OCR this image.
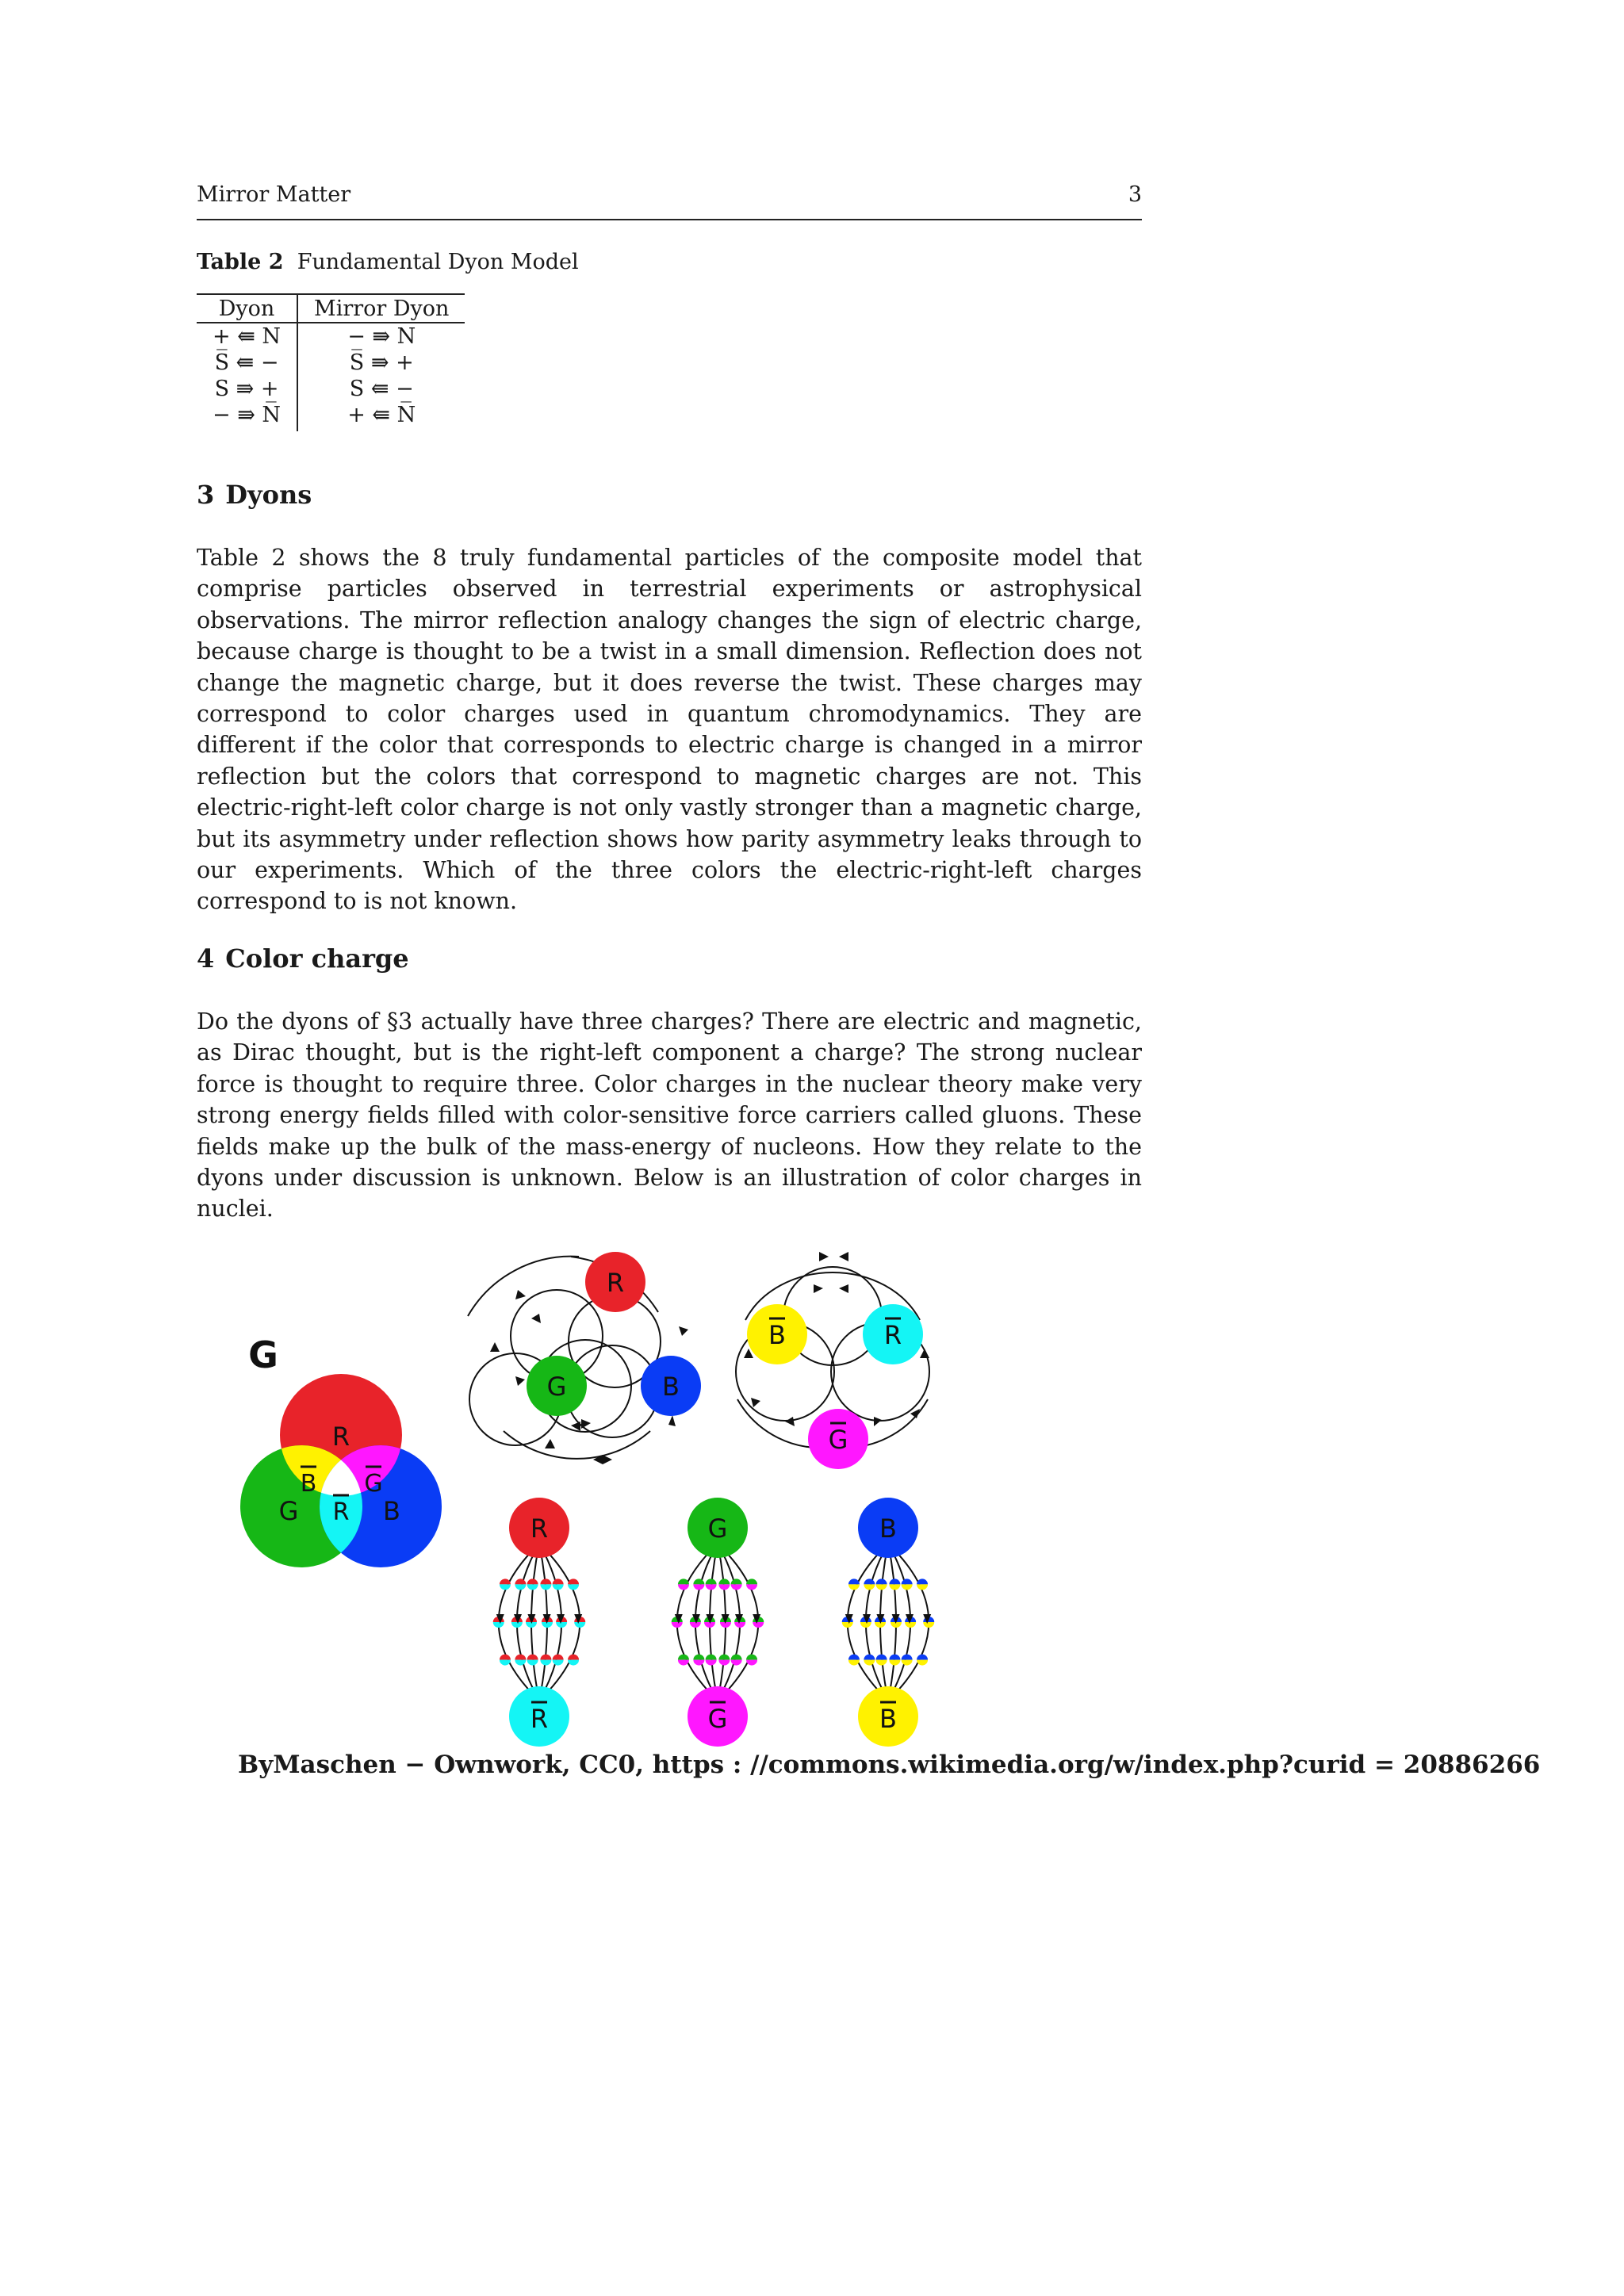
Mirror Matter	3
Table 2 Fundamental Dyon Model
Dyon	Mirror Dyon
+ ⇚ N	− ⇛ N
S̅ ⇚ −	S̅ ⇛ +
S ⇛ +	S ⇚ −
− ⇛ N̅	+ ⇚ N̅
3 Dyons

Table 2 shows the 8 truly fundamental particles of the composite model that comprise particles observed in terrestrial experiments or astrophysical observations. The mirror reflection analogy changes the sign of electric charge, because charge is thought to be a twist in a small dimension. Reflection does not change the magnetic charge, but it does reverse the twist. These charges may correspond to color charges used in quantum chromodynamics. They are different if the color that corresponds to electric charge is changed in a mirror reflection but the colors that correspond to magnetic charges are not. This electric-right-left color charge is not only vastly stronger than a magnetic charge, but its asymmetry under reflection shows how parity asymmetry leaks through to our experiments. Which of the three colors the electric-right-left charges correspond to is not known.

4 Color charge

Do the dyons of §3 actually have three charges? There are electric and magnetic, as Dirac thought, but is the right-left component a charge? The strong nuclear force is thought to require three. Color charges in the nuclear theory make very strong energy fields filled with color-sensitive force carriers called gluons. These fields make up the bulk of the mass-energy of nucleons. How they relate to the dyons under discussion is unknown. Below is an illustration of color charges in nuclei.

R
G	B
B G
R
G
R
G	B
B	R
G
R
R
G
G
B
B
ByMaschen − Ownwork, CC0, https : //commons.wikimedia.org/w/index.php?curid = 20886266
